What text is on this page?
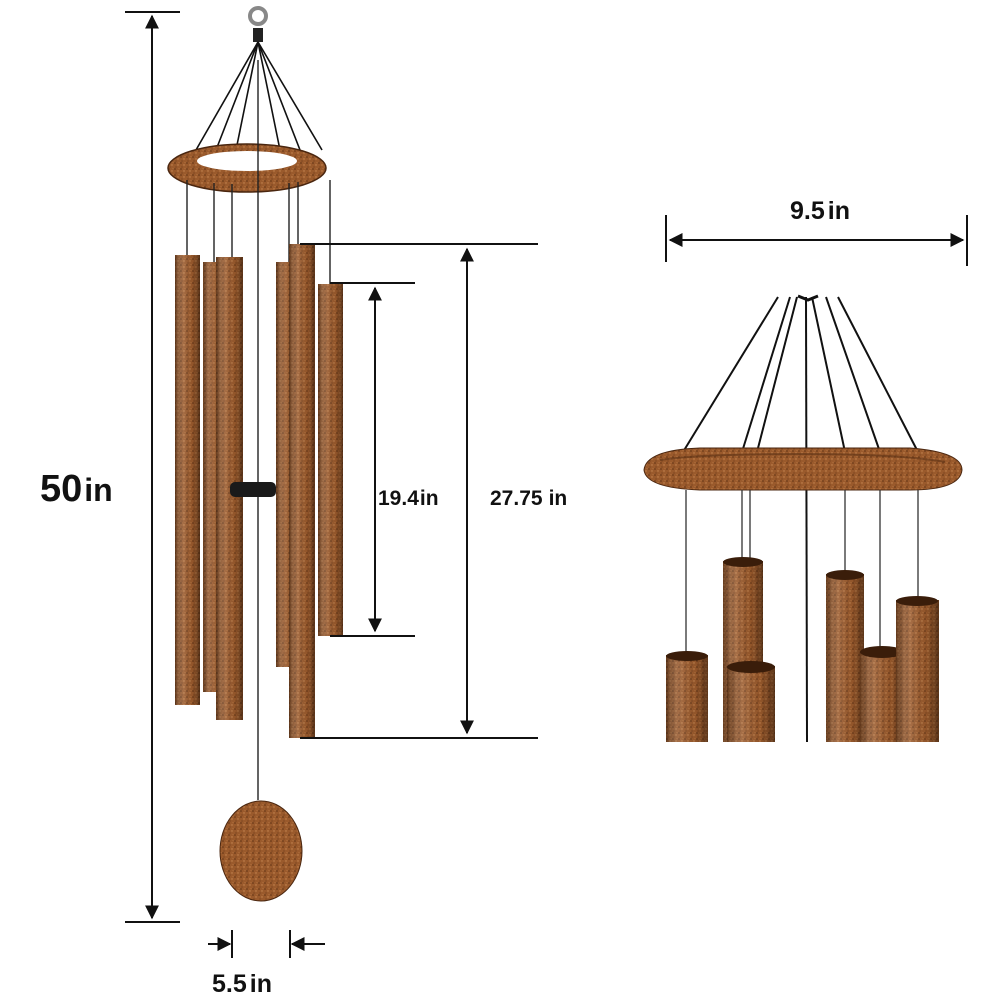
50in	19.4in 27.75 in
9.5 in
5.5 in
